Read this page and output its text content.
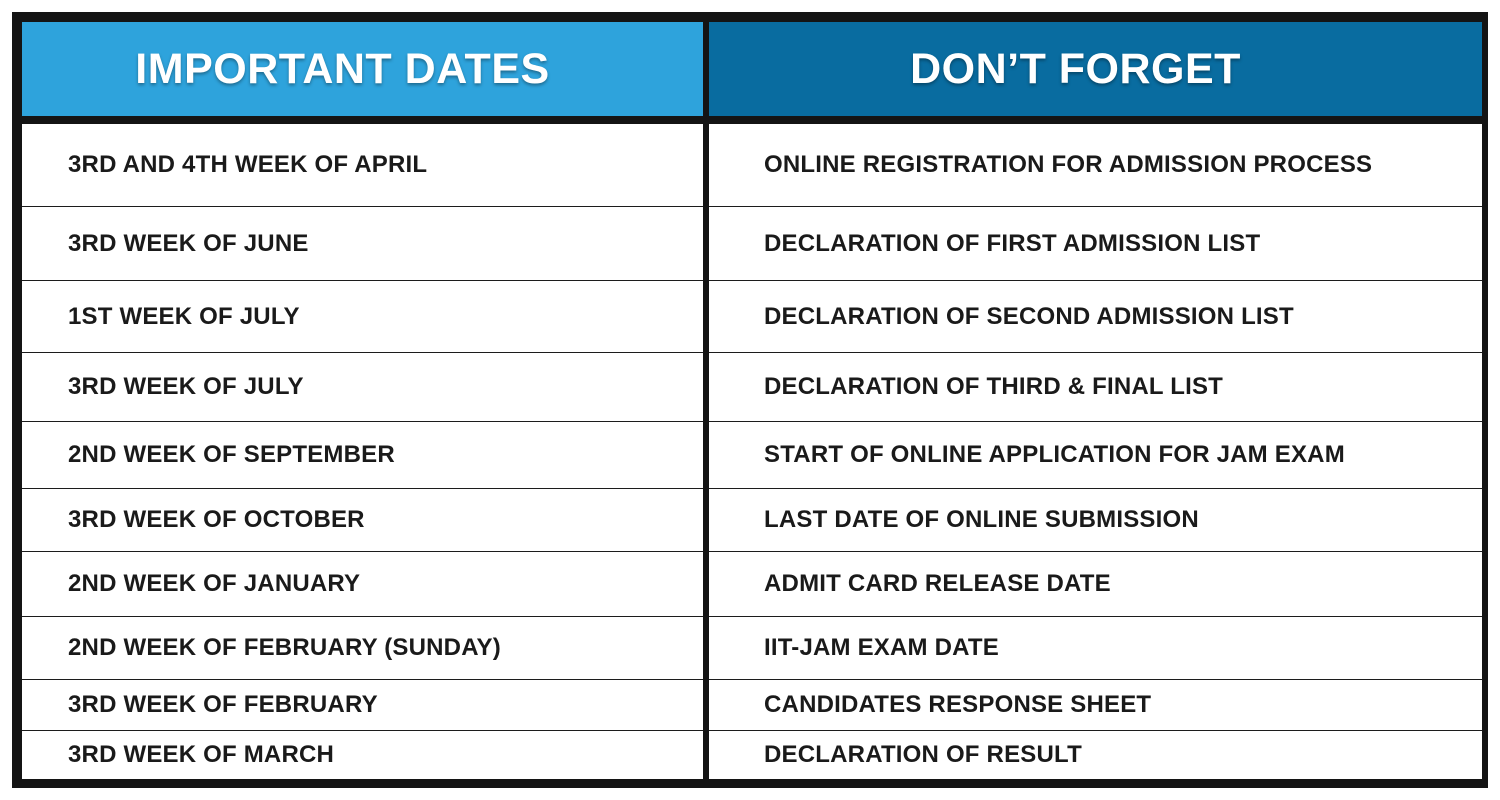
IMPORTANT DATES	DON’T FORGET
3RD AND 4TH WEEK OF APRIL
3RD WEEK OF JUNE
1ST WEEK OF JULY
3RD WEEK OF JULY
2ND WEEK OF SEPTEMBER
3RD WEEK OF OCTOBER
2ND WEEK OF JANUARY
2ND WEEK OF FEBRUARY (SUNDAY)
3RD WEEK OF FEBRUARY
3RD WEEK OF MARCH
ONLINE REGISTRATION FOR ADMISSION PROCESS
DECLARATION OF FIRST ADMISSION LIST
DECLARATION OF SECOND ADMISSION LIST
DECLARATION OF THIRD & FINAL LIST
START OF ONLINE APPLICATION FOR JAM EXAM
LAST DATE OF ONLINE SUBMISSION
ADMIT CARD RELEASE DATE
IIT-JAM EXAM DATE
CANDIDATES RESPONSE SHEET
DECLARATION OF RESULT
